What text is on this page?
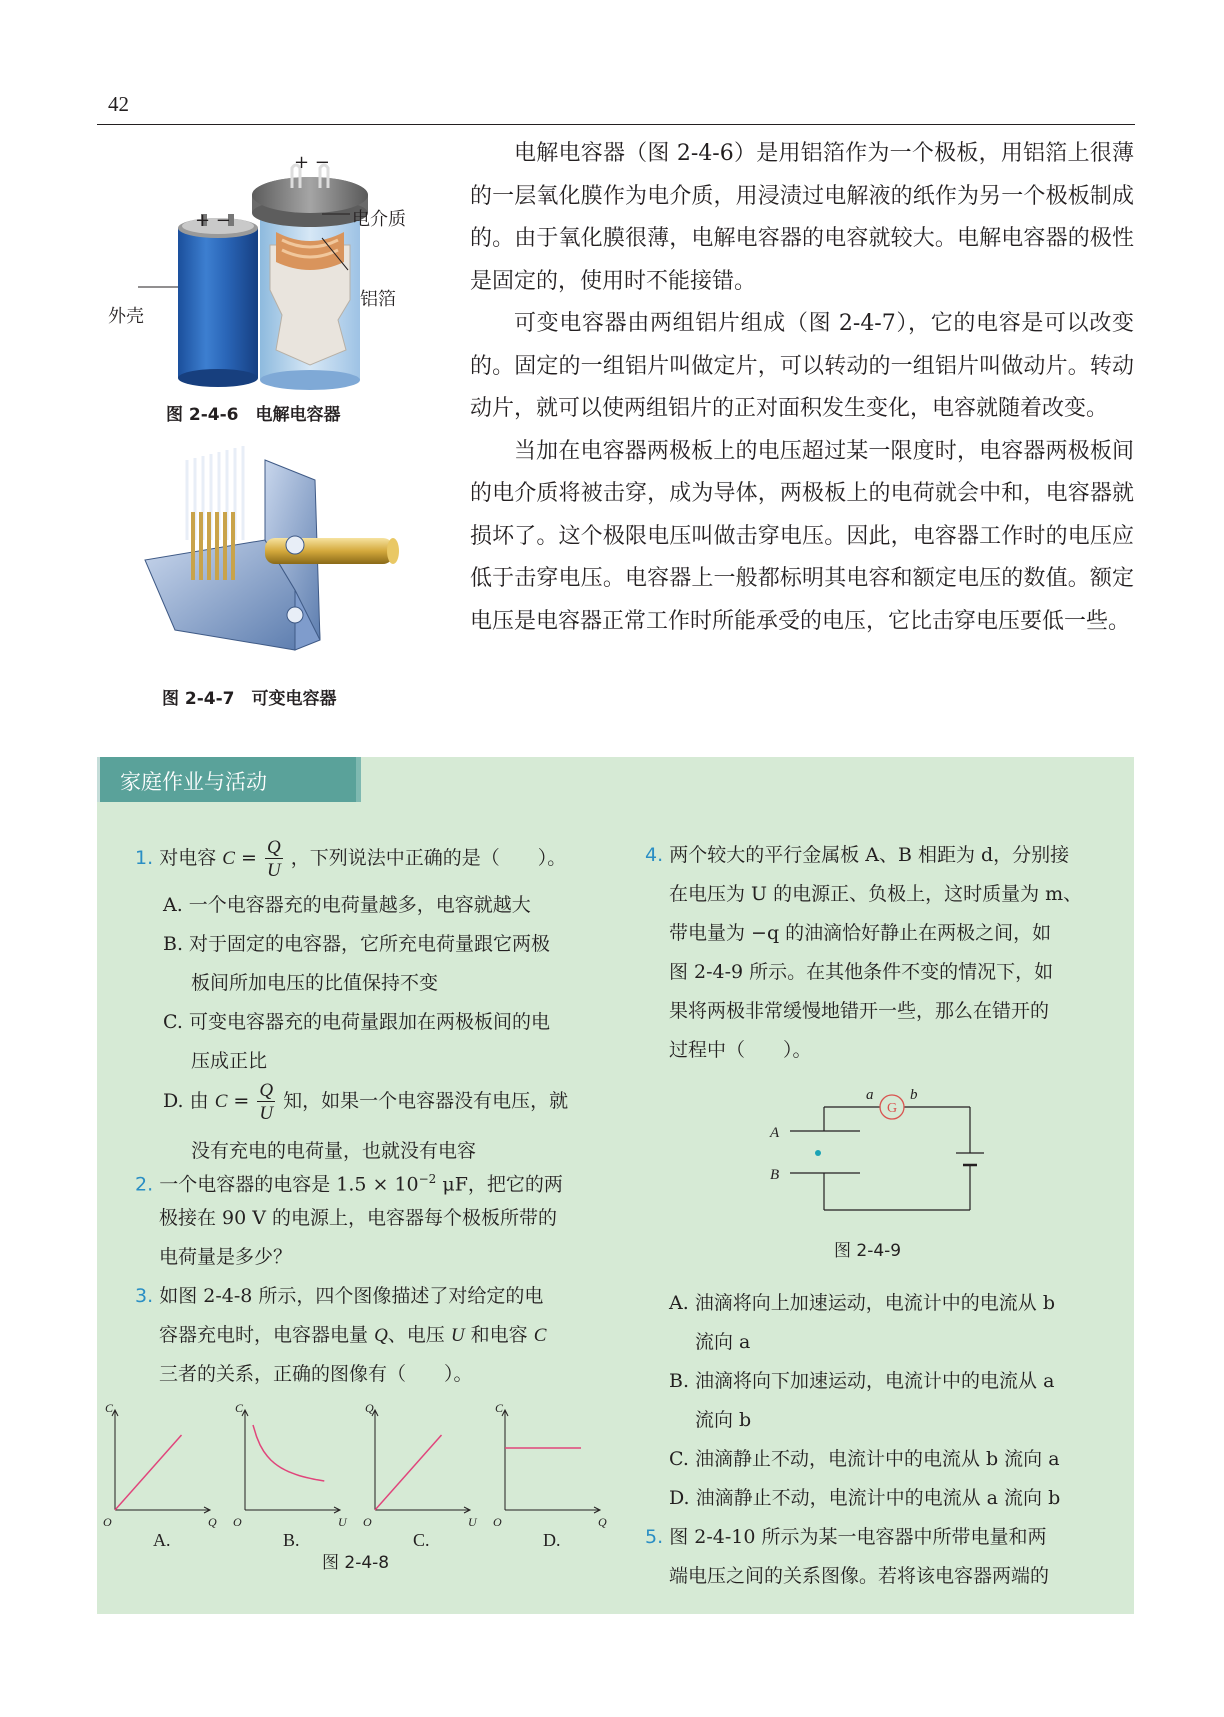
42
+ −
+ −
电介质
铝箔
外壳
图 2-4-6　电解电容器
图 2-4-7　可变电容器

电解电容器（图 2-4-6）是用铝箔作为一个极板，用铝箔上很薄的一层氧化膜作为电介质，用浸渍过电解液的纸作为另一个极板制成的。由于氧化膜很薄，电解电容器的电容就较大。电解电容器的极性是固定的，使用时不能接错。

可变电容器由两组铝片组成（图 2-4-7），它的电容是可以改变的。固定的一组铝片叫做定片，可以转动的一组铝片叫做动片。转动动片，就可以使两组铝片的正对面积发生变化，电容就随着改变。

当加在电容器两极板上的电压超过某一限度时，电容器两极板间的电介质将被击穿，成为导体，两极板上的电荷就会中和，电容器就损坏了。这个极限电压叫做击穿电压。因此，电容器工作时的电压应低于击穿电压。电容器上一般都标明其电容和额定电压的数值。额定电压是电容器正常工作时所能承受的电压，它比击穿电压要低一些。

家庭作业与活动
1. 对电容 $C = \frac{Q}{U}$ ，下列说法中正确的是（　　）。
A. 一个电容器充的电荷量越多，电容就越大
B. 对于固定的电容器，它所充电荷量跟它两极
板间所加电压的比值保持不变
C. 可变电容器充的电荷量跟加在两极板间的电
压成正比
D. 由 $C = \frac{Q}{U}$ 知，如果一个电容器没有电压，就
没有充电的电荷量，也就没有电容
2. 一个电容器的电容是 $1.5 \times 10^{-2}$ μF，把它的两
极接在 90 V 的电源上，电容器每个极板所带的
电荷量是多少？
3. 如图 2-4-8 所示，四个图像描述了对给定的电
容器充电时，电容器电量 Q、电压 U 和电容 C
三者的关系，正确的图像有（　　）。
C
Q
O
A.
C
U
O
B.
Q
U
O
C.
C
Q
O
D.
图 2-4-8
4. 两个较大的平行金属板 A、B 相距为 d，分别接
在电压为 U 的电源正、负极上，这时质量为 m、
带电量为 −q 的油滴恰好静止在两极之间，如
图 2-4-9 所示。在其他条件不变的情况下，如
果将两极非常缓慢地错开一些，那么在错开的
过程中（　　）。
G
a b
A
B
图 2-4-9
A. 油滴将向上加速运动，电流计中的电流从 b
流向 a
B. 油滴将向下加速运动，电流计中的电流从 a
流向 b
C. 油滴静止不动，电流计中的电流从 b 流向 a
D. 油滴静止不动，电流计中的电流从 a 流向 b
5. 图 2-4-10 所示为某一电容器中所带电量和两
端电压之间的关系图像。若将该电容器两端的
